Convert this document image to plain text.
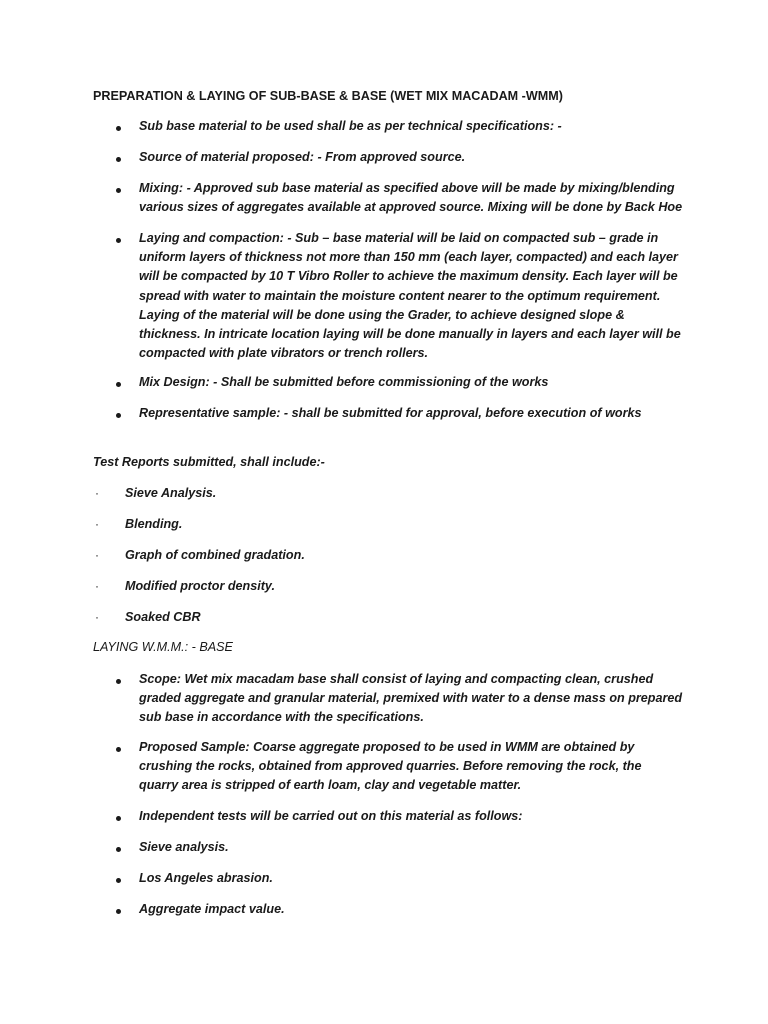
PREPARATION & LAYING OF SUB-BASE & BASE (WET MIX MACADAM -WMM)
Sub base material to be used shall be as per technical specifications: -
Source of material proposed: - From approved source.
Mixing: - Approved sub base material as specified above will be made by mixing/blending various sizes of aggregates available at approved source. Mixing will be done by Back Hoe
Laying and compaction: - Sub – base material will be laid on compacted sub – grade in uniform layers of thickness not more than 150 mm (each layer, compacted) and each layer will be compacted by 10 T Vibro Roller to achieve the maximum density. Each layer will be spread with water to maintain the moisture content nearer to the optimum requirement. Laying of the material will be done using the Grader, to achieve designed slope & thickness. In intricate location laying will be done manually in layers and each layer will be compacted with plate vibrators or trench rollers.
Mix Design: - Shall be submitted before commissioning of the works
Representative sample: - shall be submitted for approval, before execution of works
Test Reports submitted, shall include:-
· Sieve Analysis.
· Blending.
· Graph of combined gradation.
· Modified proctor density.
· Soaked CBR
LAYING W.M.M.: - BASE
Scope: Wet mix macadam base shall consist of laying and compacting clean, crushed graded aggregate and granular material, premixed with water to a dense mass on prepared sub base in accordance with the specifications.
Proposed Sample: Coarse aggregate proposed to be used in WMM are obtained by crushing the rocks, obtained from approved quarries. Before removing the rock, the quarry area is stripped of earth loam, clay and vegetable matter.
Independent tests will be carried out on this material as follows:
Sieve analysis.
Los Angeles abrasion.
Aggregate impact value.
